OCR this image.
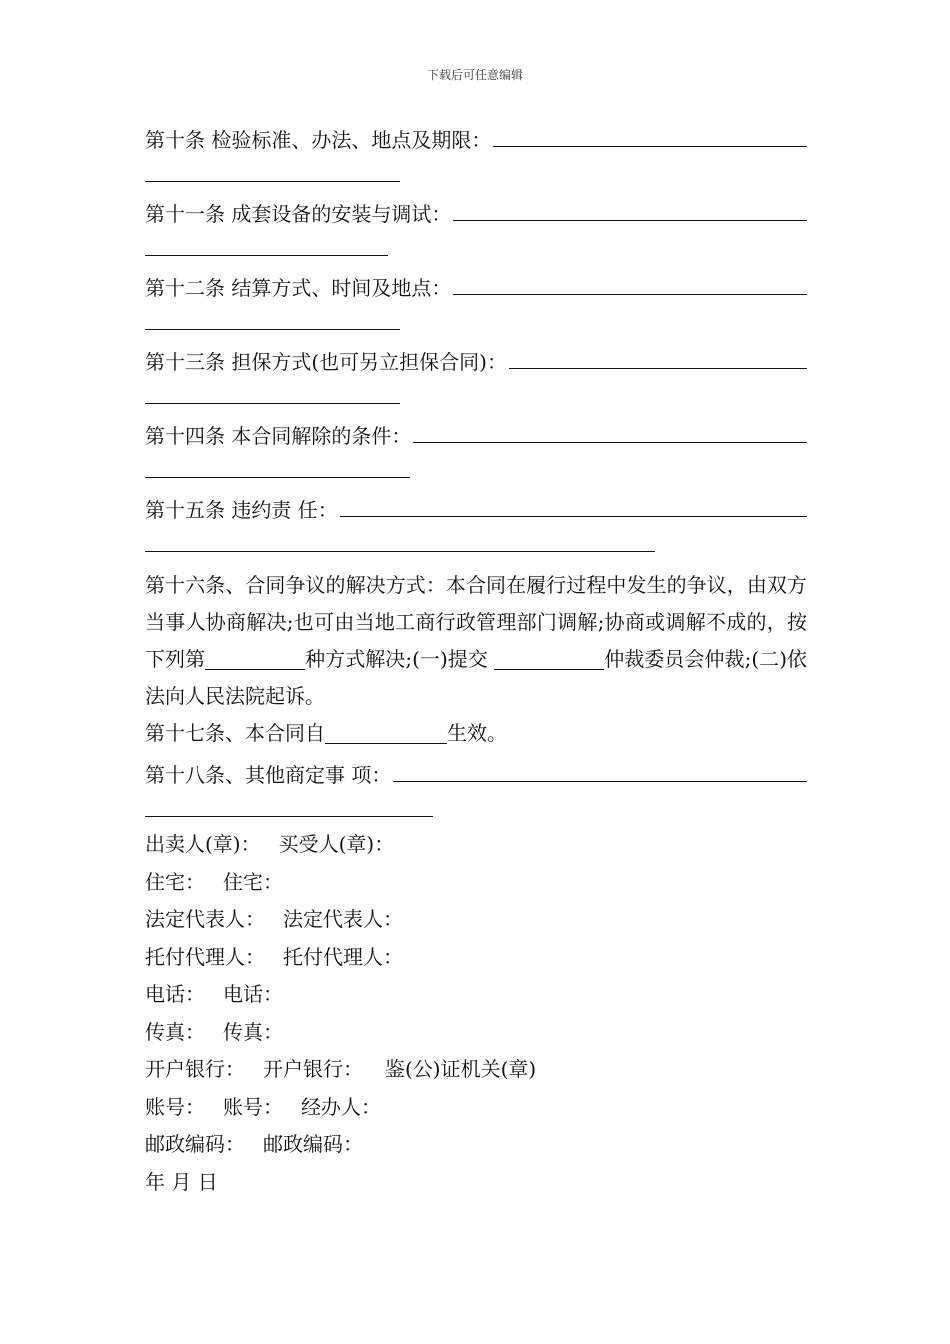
下载后可任意编辑
第十条 检验标准、办法、地点及期限：
第十一条 成套设备的安装与调试：
第十二条 结算方式、时间及地点：
第十三条 担保方式(也可另立担保合同)：
第十四条 本合同解除的条件：
第十五条 违约责 任：
第十六条、合同争议的解决方式：本合同在履行过程中发生的争议，由双方当事人协商解决;也可由当地工商行政管理部门调解;协商或调解不成的，按 下列第	种方式解决;(一)提交	仲裁委员会仲裁;(二)依法向人民法院起诉。
第十七条、本合同自	生效。
第十八条、其他商定事 项：
出卖人(章)： 买受人(章)：
住宅： 住宅：
法定代表人： 法定代表人：
托付代理人： 托付代理人：
电话： 电话：
传真： 传真：
开户银行： 开户银行： 鉴(公)证机关(章)
账号： 账号： 经办人：
邮政编码： 邮政编码：
年 月 日
